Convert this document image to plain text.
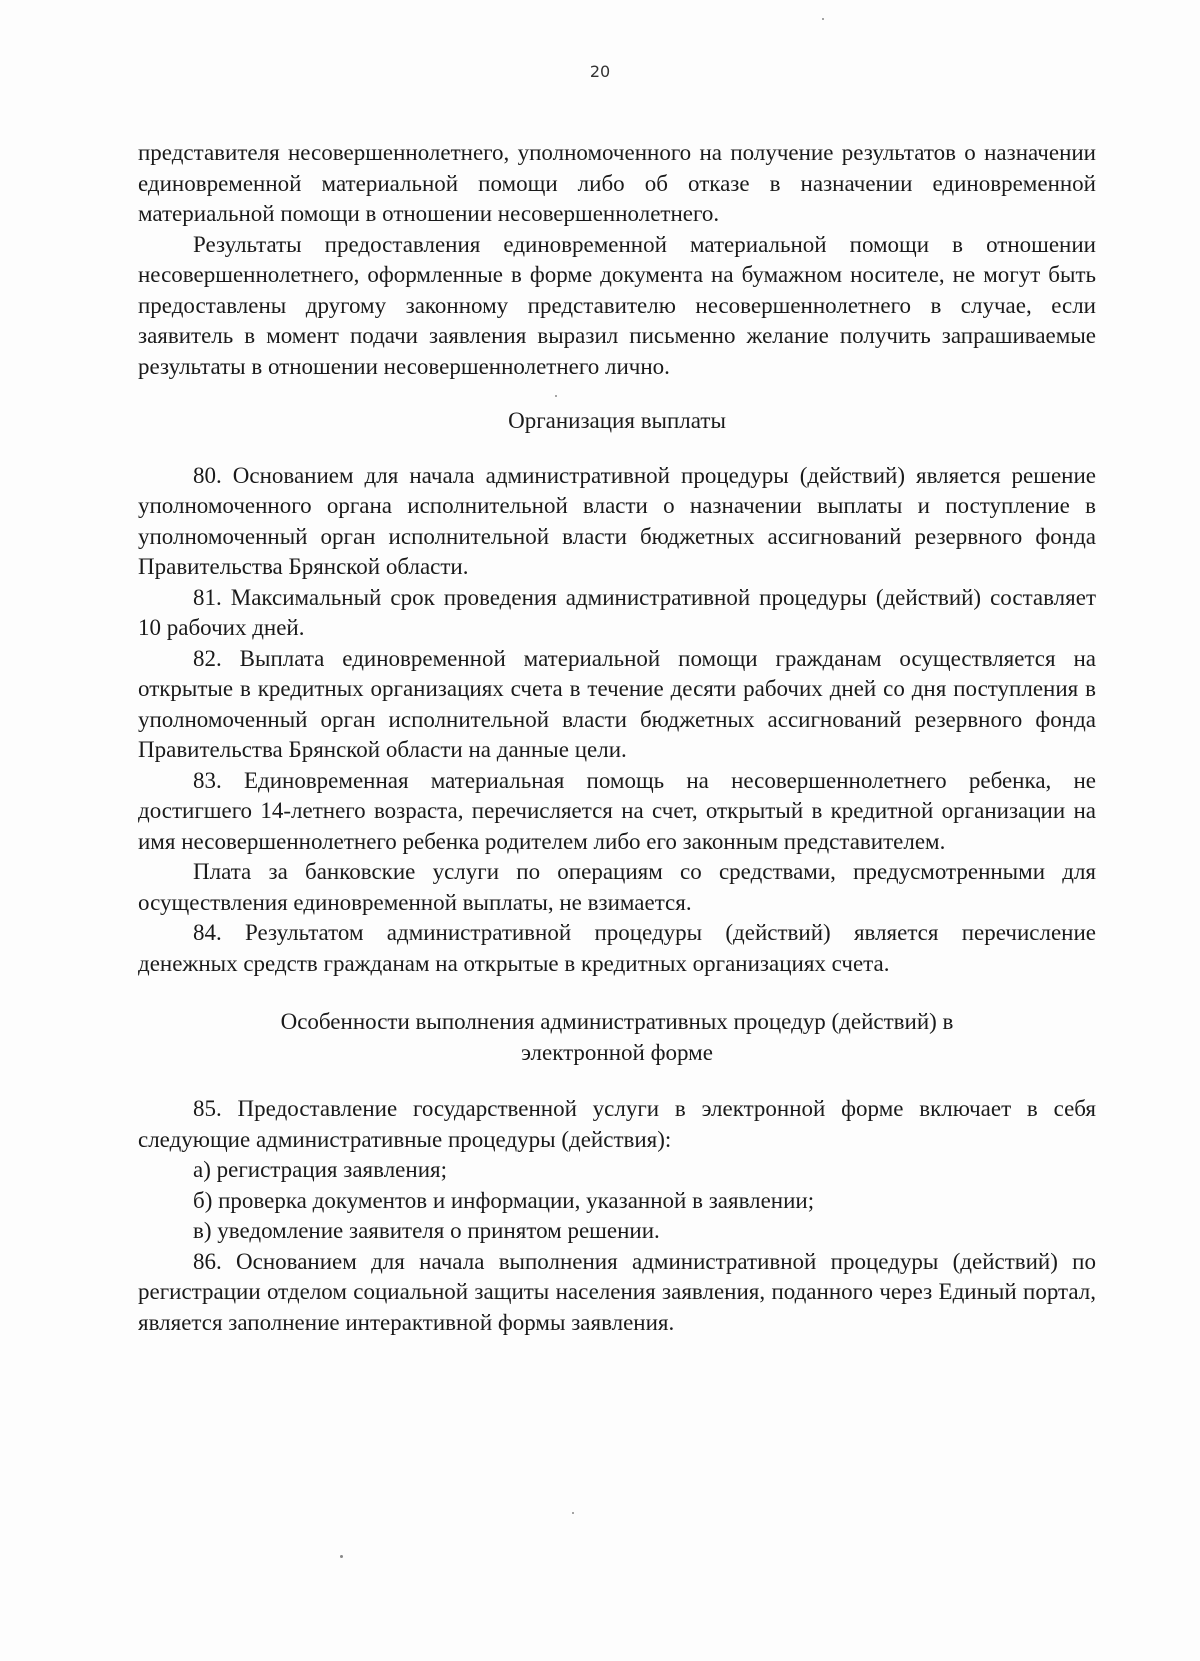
20

представителя несовершеннолетнего, уполномоченного на получение результатов о назначении единовременной материальной помощи либо об отказе в назначении единовременной материальной помощи в отношении несовершеннолетнего.

Результаты предоставления единовременной материальной помощи в отношении несовершеннолетнего, оформленные в форме документа на бумажном носителе, не могут быть предоставлены другому законному представителю несовершеннолетнего в случае, если заявитель в момент подачи заявления выразил письменно желание получить запрашиваемые результаты в отношении несовершеннолетнего лично.

Организация выплаты

80. Основанием для начала административной процедуры (действий) является решение уполномоченного органа исполнительной власти о назначении выплаты и поступление в уполномоченный орган исполнительной власти бюджетных ассигнований резервного фонда Правительства Брянской области.

81. Максимальный срок проведения административной процедуры (действий) составляет 10 рабочих дней.

82. Выплата единовременной материальной помощи гражданам осуществляется на открытые в кредитных организациях счета в течение десяти рабочих дней со дня поступления в уполномоченный орган исполнительной власти бюджетных ассигнований резервного фонда Правительства Брянской области на данные цели.

83. Единовременная материальная помощь на несовершеннолетнего ребенка, не достигшего 14-летнего возраста, перечисляется на счет, открытый в кредитной организации на имя несовершеннолетнего ребенка родителем либо его законным представителем.

Плата за банковские услуги по операциям со средствами, предусмотренными для осуществления единовременной выплаты, не взимается.

84. Результатом административной процедуры (действий) является перечисление денежных средств гражданам на открытые в кредитных организациях счета.

Особенности выполнения административных процедур (действий) в
электронной форме

85. Предоставление государственной услуги в электронной форме включает в себя следующие административные процедуры (действия):

а) регистрация заявления;

б) проверка документов и информации, указанной в заявлении;

в) уведомление заявителя о принятом решении.

86. Основанием для начала выполнения административной процедуры (действий) по регистрации отделом социальной защиты населения заявления, поданного через Единый портал, является заполнение интерактивной формы заявления.
